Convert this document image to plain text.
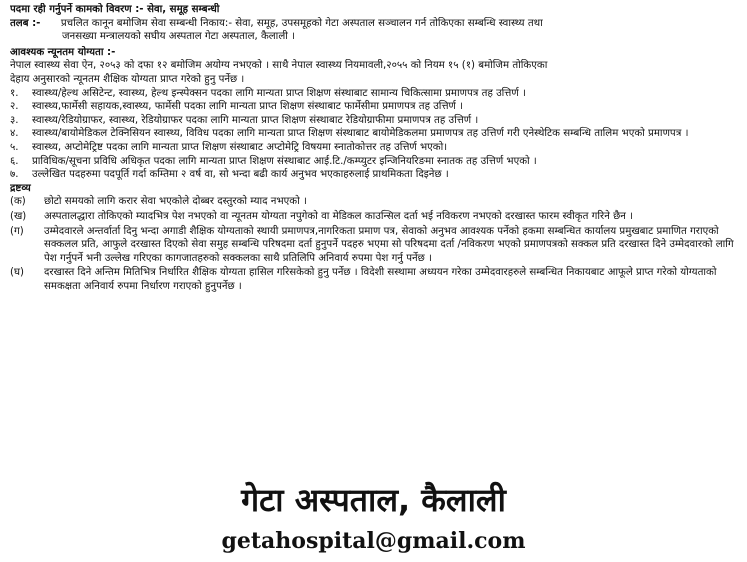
पदमा रही गर्नुपर्ने कामको विवरण :- सेवा, समूह सम्बन्धी
तलब :- प्रचलित कानून बमोजिम सेवा सम्बन्धी निकाय:- सेवा, समूह, उपसमूहको गेटा अस्पताल सञ्चालन गर्न तोकिएका सम्बन्धि स्वास्थ्य तथा
जनसख्या मन्त्रालयको सघीय अस्पताल गेटा अस्पताल, कैलाली ।
आवश्यक न्यूनतम योग्यता :-
नेपाल स्वास्थ्य सेवा ऐन, २०५३ को दफा १२ बमोजिम अयोग्य नभएको । साथै नेपाल स्वास्थ्य नियमावली,२०५५ को नियम १५ (१) बमोजिम तोकिएका
देहाय अनुसारको न्यूनतम शैक्षिक योग्यता प्राप्त गरेको हुनु पर्नेछ ।
१.	स्वास्थ्य/हेल्थ असिटेन्ट, स्वास्थ्य, हेल्थ इन्स्पेक्सन पदका लागि मान्यता प्राप्त शिक्षण संस्थाबाट सामान्य चिकित्सामा प्रमाणपत्र तह उत्तिर्ण ।
२.	स्वास्थ्य,फार्मेसी सहायक,स्वास्थ्य, फार्मेसी पदका लागि मान्यता प्राप्त शिक्षण संस्थाबाट फार्मेसीमा प्रमाणपत्र तह उत्तिर्ण ।
३.	स्वास्थ्य/रेडियोग्राफर, स्वास्थ्य, रेडियोग्राफर पदका लागि मान्यता प्राप्त शिक्षण संस्थाबाट रेडियोग्राफीमा प्रमाणपत्र तह उत्तिर्ण ।
४.	स्वास्थ्य/बायोमेडिकल टेक्निसियन स्वास्थ्य, विविध पदका लागि मान्यता प्राप्त शिक्षण संस्थाबाट बायोमेडिकलमा प्रमाणपत्र तह उत्तिर्ण गरी एनेस्थेटिक सम्बन्धि तालिम भएको प्रमाणपत्र ।
५.	स्वास्थ्य, अप्टोमेट्रिष्ट पदका लागि मान्यता प्राप्त शिक्षण संस्थाबाट अप्टोमेट्रि विषयमा स्नातोकोत्तर तह उत्तिर्ण भएको।
६.	प्राविधिक/सूचना प्रविधि अधिकृत पदका लागि मान्यता प्राप्त शिक्षण संस्थाबाट आई.टि./कम्प्युटर इन्जिनियरिङमा स्नातक तह उत्तिर्ण भएको ।
७.	उल्लेखित पदहरुमा पदपूर्ति गर्दा कम्तिमा २ वर्ष वा, सो भन्दा बढी कार्य अनुभव भएकाहरुलाई प्राथमिकता दिइनेछ ।
द्रष्टव्य
(क)	छोटो समयको लागि करार सेवा भएकोले दोब्बर दस्तुरको म्याद नभएको ।
(ख)	अस्पतालद्धारा तोकिएको म्यादभित्र पेश नभएको वा न्यूनतम योग्यता नपुगेको वा मेडिकल काउन्सिल दर्ता भई नविकरण नभएको दरखास्त फारम स्वीकृत गरिने छैन ।
(ग)	उम्मेदवारले अन्तर्वार्ता दिनु भन्दा अगाडी शैक्षिक योग्यताको स्थायी प्रमाणपत्र,नागरिकता प्रमाण पत्र, सेवाको अनुभव आवश्यक पर्नेको हकमा सम्बन्धित कार्यालय प्रमुखबाट प्रमाणित गराएको सक्कलल प्रति, आफुले दरखास्त दिएको सेवा समुह सम्बन्धि परिषदमा दर्ता हुनुपर्ने पदहरु भएमा सो परिषदमा दर्ता /नविकरण भएको प्रमाणपत्रको सक्कल प्रति दरखास्त दिने उम्मेदवारको लागि पेश गर्नुपर्ने भनी उल्लेख गरिएका कागजातहरुको सक्कलका साथै प्रतिलिपि अनिवार्य रुपमा पेश गर्नु पर्नेछ ।
(घ)	दरखास्त दिने अन्तिम मितिभित्र निर्धारित शैक्षिक योग्यता हासिल गरिसकेको हुनु पर्नेछ । विदेशी सस्थामा अध्ययन गरेका उम्मेदवारहरुले सम्बन्धित निकायबाट आफूले प्राप्त गरेको योग्यताको समकक्षता अनिवार्य रुपमा निर्धारण गराएको हुनुपर्नेछ ।
गेटा अस्पताल, कैलाली
getahospital@gmail.com
